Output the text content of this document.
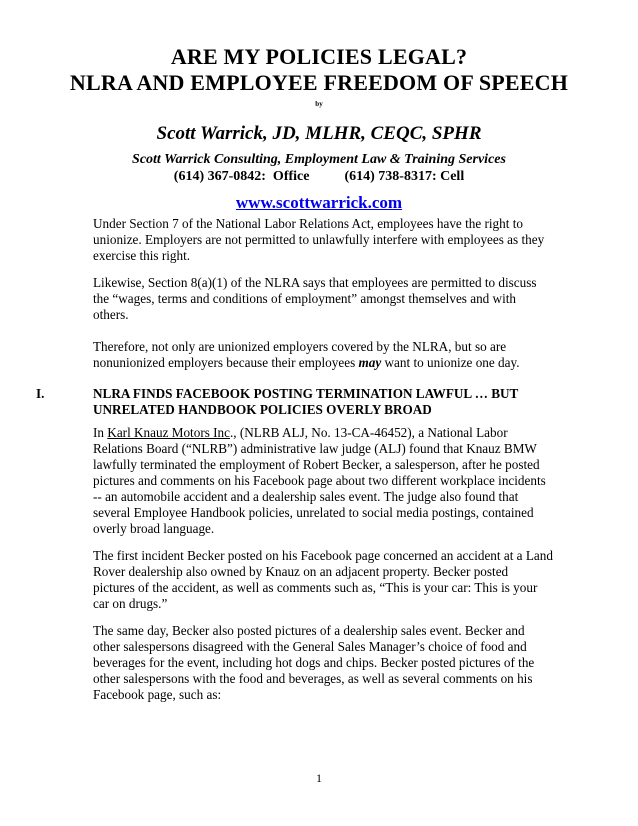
ARE MY POLICIES LEGAL?
NLRA AND EMPLOYEE FREEDOM OF SPEECH
by
Scott Warrick, JD, MLHR, CEQC, SPHR
Scott Warrick Consulting, Employment Law & Training Services
(614) 367-0842:  Office          (614) 738-8317: Cell
www.scottwarrick.com

Under Section 7 of the National Labor Relations Act, employees have the right to unionize. Employers are not permitted to unlawfully interfere with employees as they exercise this right.

Likewise, Section 8(a)(1) of the NLRA says that employees are permitted to discuss the “wages, terms and conditions of employment” amongst themselves and with others.

Therefore, not only are unionized employers covered by the NLRA, but so are nonunionized employers because their employees may want to unionize one day.

I.	NLRA FINDS FACEBOOK POSTING TERMINATION LAWFUL … BUT UNRELATED HANDBOOK POLICIES OVERLY BROAD

In Karl Knauz Motors Inc., (NLRB ALJ, No. 13-CA-46452), a National Labor Relations Board (“NLRB”) administrative law judge (ALJ) found that Knauz BMW lawfully terminated the employment of Robert Becker, a salesperson, after he posted pictures and comments on his Facebook page about two different workplace incidents -- an automobile accident and a dealership sales event. The judge also found that several Employee Handbook policies, unrelated to social media postings, contained overly broad language.

The first incident Becker posted on his Facebook page concerned an accident at a Land Rover dealership also owned by Knauz on an adjacent property. Becker posted pictures of the accident, as well as comments such as, “This is your car: This is your car on drugs.”

The same day, Becker also posted pictures of a dealership sales event. Becker and other salespersons disagreed with the General Sales Manager’s choice of food and beverages for the event, including hot dogs and chips. Becker posted pictures of the other salespersons with the food and beverages, as well as several comments on his Facebook page, such as:

1
